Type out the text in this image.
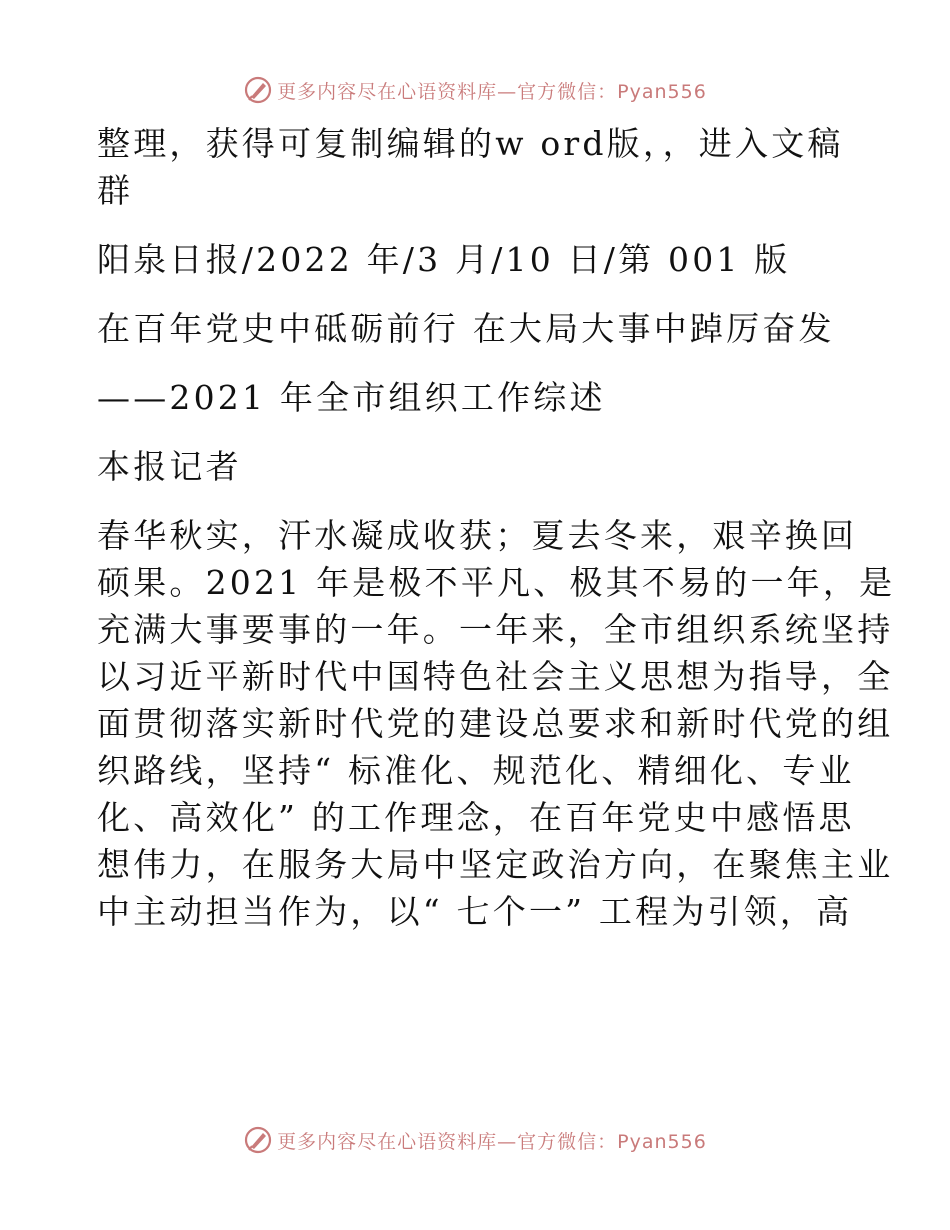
更多内容尽在心语资料库—官方微信：Pyan556

整理，获得可复制编辑的w ord版，，进入文稿
群

阳泉日报/2022 年/3 月/10 日/第 001 版

在百年党史中砥砺前行 在大局大事中踔厉奋发

——2021 年全市组织工作综述

本报记者

春华秋实，汗水凝成收获；夏去冬来，艰辛换回
硕果。2021 年是极不平凡、极其不易的一年，是
充满大事要事的一年。一年来，全市组织系统坚持
以习近平新时代中国特色社会主义思想为指导，全
面贯彻落实新时代党的建设总要求和新时代党的组
织路线，坚持“ 标准化、规范化、精细化、专业
化、高效化” 的工作理念，在百年党史中感悟思
想伟力，在服务大局中坚定政治方向，在聚焦主业
中主动担当作为，以“ 七个一” 工程为引领，高

更多内容尽在心语资料库—官方微信：Pyan556
